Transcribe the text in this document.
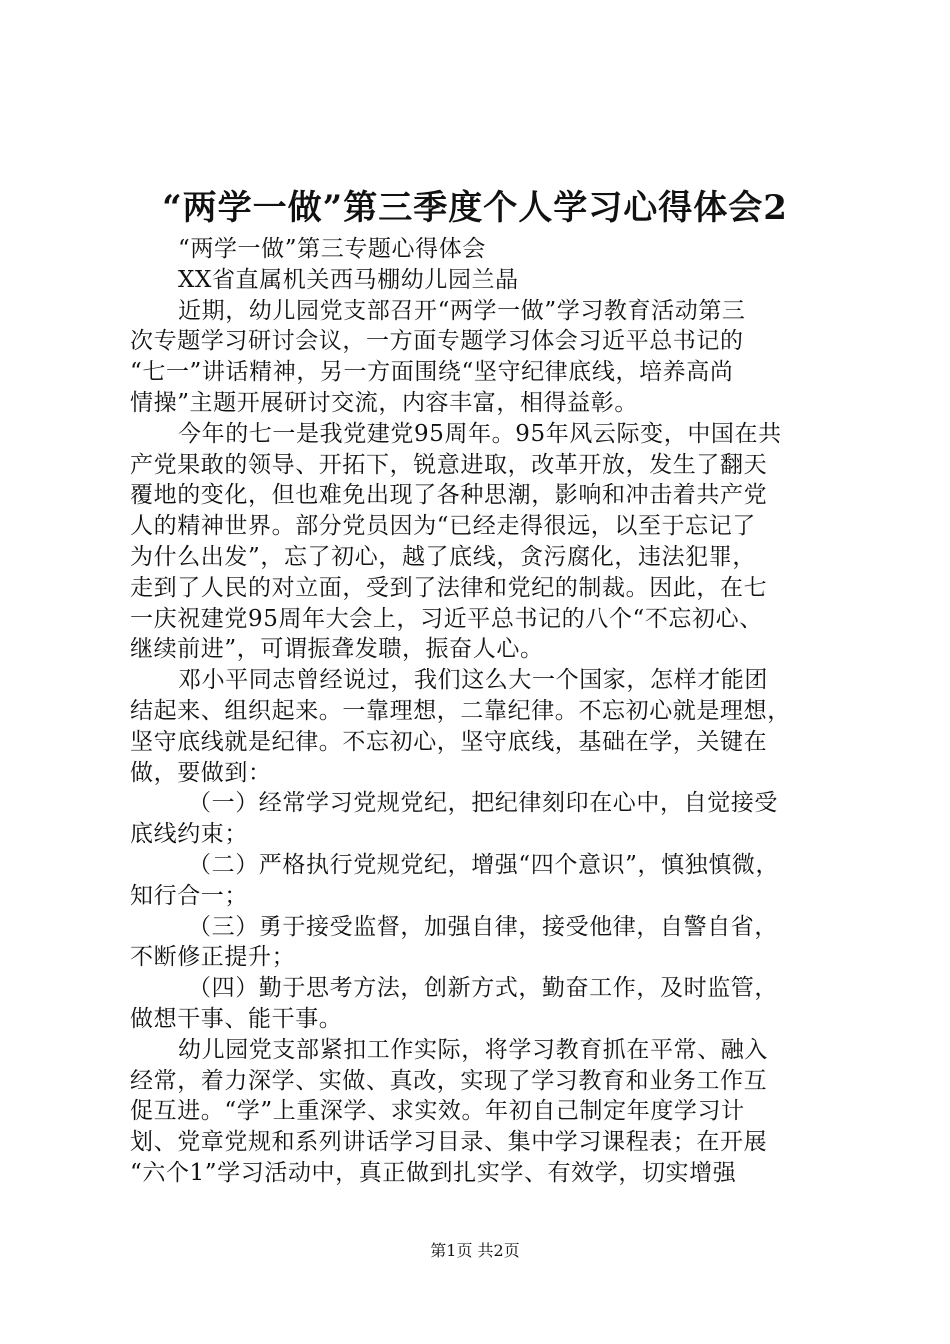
“两学一做”第三季度个人学习心得体会2
“两学一做”第三专题心得体会
XX省直属机关西马棚幼儿园兰晶
近期，幼儿园党支部召开“两学一做”学习教育活动第三
次专题学习研讨会议，一方面专题学习体会习近平总书记的
“七一”讲话精神，另一方面围绕“坚守纪律底线，培养高尚
情操”主题开展研讨交流，内容丰富，相得益彰。
今年的七一是我党建党95周年。95年风云际变，中国在共
产党果敢的领导、开拓下，锐意进取，改革开放，发生了翻天
覆地的变化，但也难免出现了各种思潮，影响和冲击着共产党
人的精神世界。部分党员因为“已经走得很远，以至于忘记了
为什么出发”，忘了初心，越了底线，贪污腐化，违法犯罪，
走到了人民的对立面，受到了法律和党纪的制裁。因此，在七
一庆祝建党95周年大会上，习近平总书记的八个“不忘初心、
继续前进”，可谓振聋发聩，振奋人心。
邓小平同志曾经说过，我们这么大一个国家，怎样才能团
结起来、组织起来。一靠理想，二靠纪律。不忘初心就是理想，
坚守底线就是纪律。不忘初心，坚守底线，基础在学，关键在
做，要做到：
（一）经常学习党规党纪，把纪律刻印在心中，自觉接受
底线约束；
（二）严格执行党规党纪，增强“四个意识”，慎独慎微，
知行合一；
（三）勇于接受监督，加强自律，接受他律，自警自省，
不断修正提升；
（四）勤于思考方法，创新方式，勤奋工作，及时监管，
做想干事、能干事。
幼儿园党支部紧扣工作实际，将学习教育抓在平常、融入
经常，着力深学、实做、真改，实现了学习教育和业务工作互
促互进。“学”上重深学、求实效。年初自己制定年度学习计
划、党章党规和系列讲话学习目录、集中学习课程表；在开展
“六个1”学习活动中，真正做到扎实学、有效学，切实增强
第1页 共2页
